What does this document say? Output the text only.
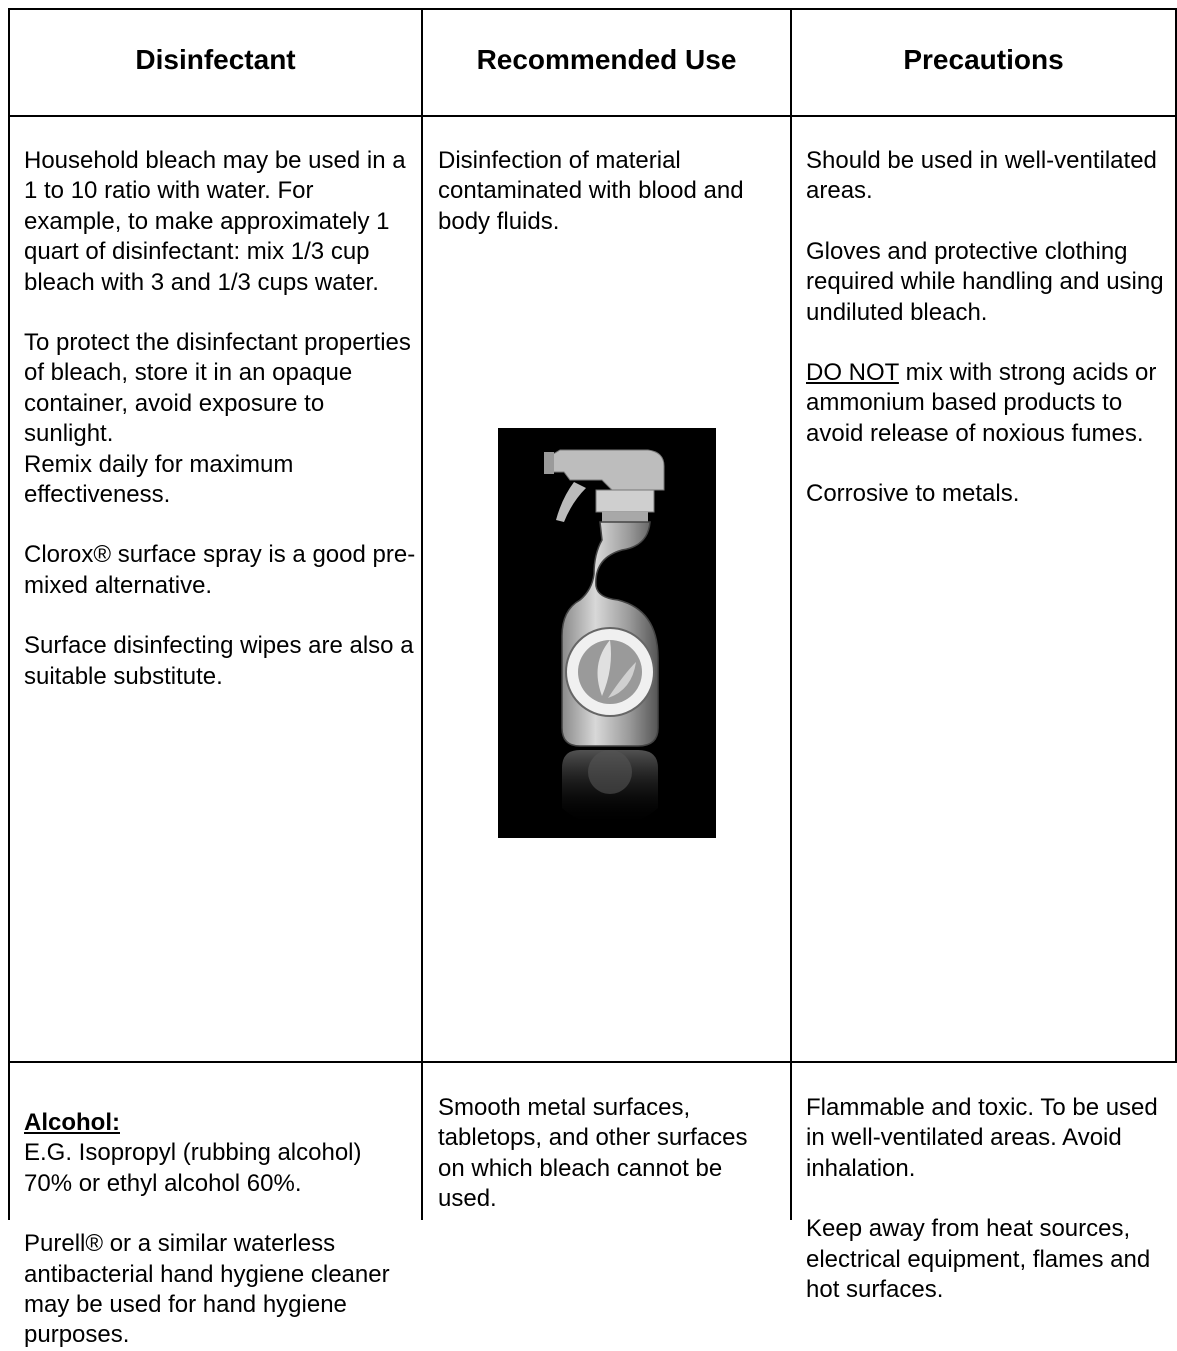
Disinfectant	Recommended Use	Precautions

Household bleach may be used in a 1 to 10 ratio with water. For example, to make approximately 1 quart of disinfectant: mix 1/3 cup bleach with 3 and 1/3 cups water.

To protect the disinfectant properties of bleach, store it in an opaque container, avoid exposure to sunlight.

Remix daily for maximum effectiveness.

Clorox® surface spray is a good pre-mixed alternative.

Surface disinfecting wipes are also a suitable substitute.

Disinfection of material contaminated with blood and body fluids.

Should be used in well-ventilated areas.

Gloves and protective clothing required while handling and using undiluted bleach.

DO NOT mix with strong acids or ammonium based products to avoid release of noxious fumes.

Corrosive to metals.

Alcohol:

E.G. Isopropyl (rubbing alcohol) 70% or ethyl alcohol 60%.

Purell® or a similar waterless antibacterial hand hygiene cleaner may be used for hand hygiene purposes.

Smooth metal surfaces, tabletops, and other surfaces on which bleach cannot be used.

Flammable and toxic. To be used in well-ventilated areas. Avoid inhalation.

Keep away from heat sources, electrical equipment, flames and hot surfaces.
